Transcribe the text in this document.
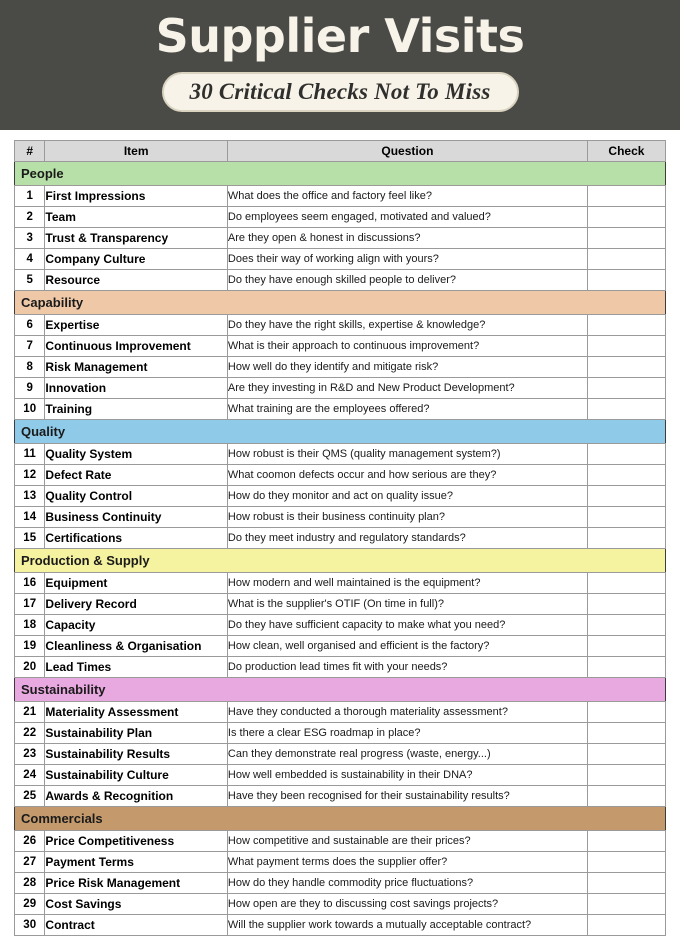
Supplier Visits
30 Critical Checks Not To Miss
#	Item	Question	Check
People			
1	First Impressions	What does the office and factory feel like?	
2	Team	Do employees seem engaged, motivated and valued?	
3	Trust & Transparency	Are they open & honest in discussions?	
4	Company Culture	Does their way of working align with yours?	
5	Resource	Do they have enough skilled people to deliver?	
Capability			
6	Expertise	Do they have the right skills, expertise & knowledge?	
7	Continuous Improvement	What is their approach to continuous improvement?	
8	Risk Management	How well do they identify and mitigate risk?	
9	Innovation	Are they investing in R&D and New Product Development?	
10	Training	What training are the employees offered?	
Quality			
11	Quality System	How robust is their QMS (quality management system?)	
12	Defect Rate	What coomon defects occur and how serious are they?	
13	Quality Control	How do they monitor and act on quality issue?	
14	Business Continuity	How robust is their business continuity plan?	
15	Certifications	Do they meet industry and regulatory standards?	
Production & Supply			
16	Equipment	How modern and well maintained is the equipment?	
17	Delivery Record	What is the supplier's OTIF (On time in full)?	
18	Capacity	Do they have sufficient capacity to make what you need?	
19	Cleanliness & Organisation	How clean, well organised and efficient is the factory?	
20	Lead Times	Do production lead times fit with your needs?	
Sustainability			
21	Materiality Assessment	Have they conducted a thorough materiality assessment?	
22	Sustainability Plan	Is there a clear ESG roadmap in place?	
23	Sustainability Results	Can they demonstrate real progress (waste, energy...)	
24	Sustainability Culture	How well embedded is sustainability in their DNA?	
25	Awards & Recognition	Have they been recognised for their sustainability results?	
Commercials			
26	Price Competitiveness	How competitive and sustainable are their prices?	
27	Payment Terms	What payment terms does the supplier offer?	
28	Price Risk Management	How do they handle commodity price fluctuations?	
29	Cost Savings	How open are they to discussing cost savings projects?	
30	Contract	Will the supplier work towards a mutually acceptable contract?	
